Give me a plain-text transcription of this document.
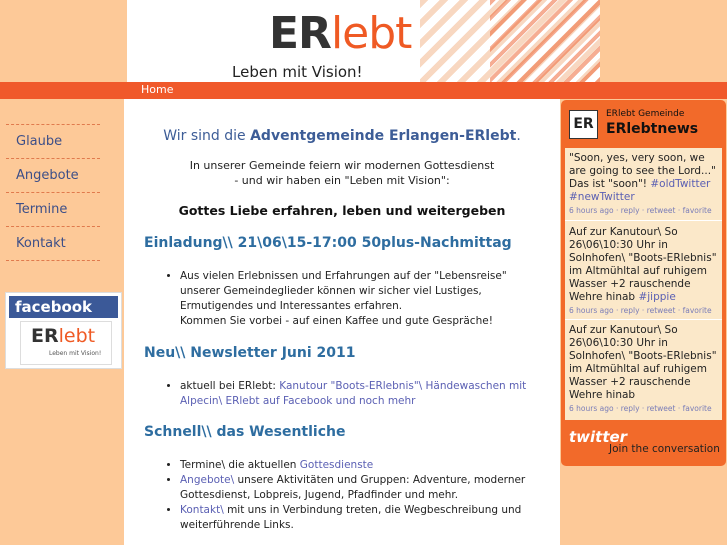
ERlebt
Leben mit Vision!
Home
Glaube
Angebote
Termine
Kontakt
facebook
ERlebt
Leben mit Vision!
Wir sind die Adventgemeinde Erlangen-ERlebt.
In unserer Gemeinde feiern wir modernen Gottesdienst
- und wir haben ein "Leben mit Vision":
Gottes Liebe erfahren, leben und weitergeben
Einladung\\ 21\06\15-17:00 50plus-Nachmittag
• Aus vielen Erlebnissen und Erfahrungen auf der "Lebensreise" unserer Gemeindeglieder können wir sicher viel Lustiges, Ermutigendes und Interessantes erfahren.
Kommen Sie vorbei - auf einen Kaffee und gute Gespräche!
Neu\\ Newsletter Juni 2011
• aktuell bei ERlebt: Kanutour "Boots-ERlebnis"\ Händewaschen mit Alpecin\ ERlebt auf Facebook und noch mehr
Schnell\\ das Wesentliche
• Termine\ die aktuellen Gottesdienste
• Angebote\ unsere Aktivitäten und Gruppen: Adventure, moderner Gottesdienst, Lobpreis, Jugend, Pfadfinder und mehr.
• Kontakt\ mit uns in Verbindung treten, die Wegbeschreibung und weiterführende Links.
ER
ERlebt Gemeinde
ERlebtnews
"Soon, yes, very soon, we are going to see the Lord..." Das ist "soon"! #oldTwitter #newTwitter
6 hours ago · reply · retweet · favorite
Auf zur Kanutour\ So 26\06\10:30 Uhr in Solnhofen\ "Boots-ERlebnis" im Altmühltal auf ruhigem Wasser +2 rauschende Wehre hinab #jippie
6 hours ago · reply · retweet · favorite
Auf zur Kanutour\ So 26\06\10:30 Uhr in Solnhofen\ "Boots-ERlebnis" im Altmühltal auf ruhigem Wasser +2 rauschende Wehre hinab
6 hours ago · reply · retweet · favorite
twitter
Join the conversation
